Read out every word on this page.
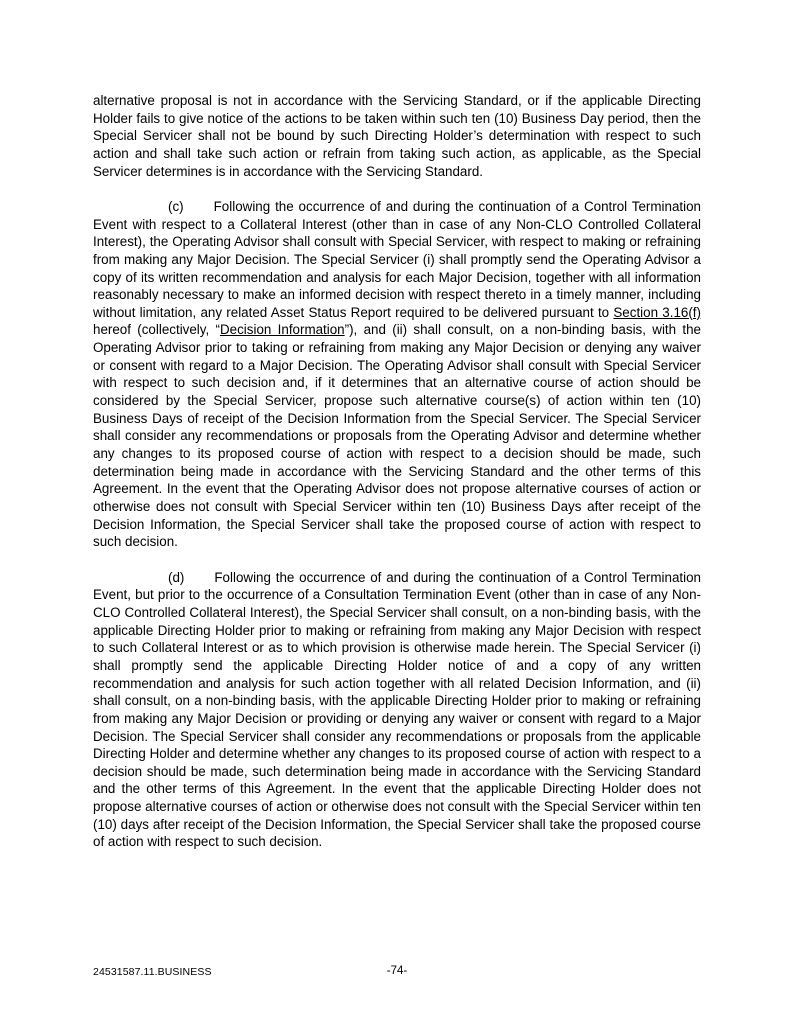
alternative proposal is not in accordance with the Servicing Standard, or if the applicable Directing Holder fails to give notice of the actions to be taken within such ten (10) Business Day period, then the Special Servicer shall not be bound by such Directing Holder’s determination with respect to such action and shall take such action or refrain from taking such action, as applicable, as the Special Servicer determines is in accordance with the Servicing Standard.

(c) Following the occurrence of and during the continuation of a Control Termination Event with respect to a Collateral Interest (other than in case of any Non-CLO Controlled Collateral Interest), the Operating Advisor shall consult with Special Servicer, with respect to making or refraining from making any Major Decision. The Special Servicer (i) shall promptly send the Operating Advisor a copy of its written recommendation and analysis for each Major Decision, together with all information reasonably necessary to make an informed decision with respect thereto in a timely manner, including without limitation, any related Asset Status Report required to be delivered pursuant to Section 3.16(f) hereof (collectively, “Decision Information”), and (ii) shall consult, on a non-binding basis, with the Operating Advisor prior to taking or refraining from making any Major Decision or denying any waiver or consent with regard to a Major Decision. The Operating Advisor shall consult with Special Servicer with respect to such decision and, if it determines that an alternative course of action should be considered by the Special Servicer, propose such alternative course(s) of action within ten (10) Business Days of receipt of the Decision Information from the Special Servicer. The Special Servicer shall consider any recommendations or proposals from the Operating Advisor and determine whether any changes to its proposed course of action with respect to a decision should be made, such determination being made in accordance with the Servicing Standard and the other terms of this Agreement. In the event that the Operating Advisor does not propose alternative courses of action or otherwise does not consult with Special Servicer within ten (10) Business Days after receipt of the Decision Information, the Special Servicer shall take the proposed course of action with respect to such decision.

(d) Following the occurrence of and during the continuation of a Control Termination Event, but prior to the occurrence of a Consultation Termination Event (other than in case of any Non-CLO Controlled Collateral Interest), the Special Servicer shall consult, on a non-binding basis, with the applicable Directing Holder prior to making or refraining from making any Major Decision with respect to such Collateral Interest or as to which provision is otherwise made herein. The Special Servicer (i) shall promptly send the applicable Directing Holder notice of and a copy of any written recommendation and analysis for such action together with all related Decision Information, and (ii) shall consult, on a non-binding basis, with the applicable Directing Holder prior to making or refraining from making any Major Decision or providing or denying any waiver or consent with regard to a Major Decision. The Special Servicer shall consider any recommendations or proposals from the applicable Directing Holder and determine whether any changes to its proposed course of action with respect to a decision should be made, such determination being made in accordance with the Servicing Standard and the other terms of this Agreement. In the event that the applicable Directing Holder does not propose alternative courses of action or otherwise does not consult with the Special Servicer within ten (10) days after receipt of the Decision Information, the Special Servicer shall take the proposed course of action with respect to such decision.

24531587.11.BUSINESS	-74-
